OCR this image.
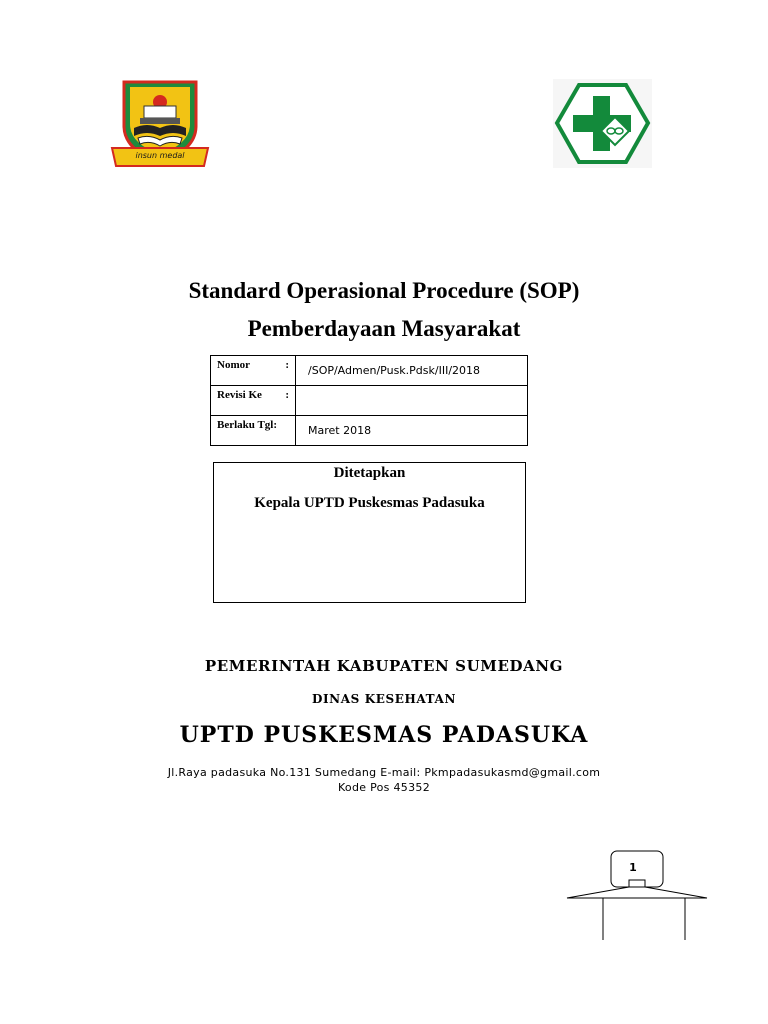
insun medal
Standard Operasional Procedure (SOP)
Pemberdayaan Masyarakat
Nomor :	/SOP/Admen/Pusk.Pdsk/III/2018

Revisi Ke :	

Berlaku Tgl:	Maret 2018
Ditetapkan
Kepala UPTD Puskesmas Padasuka
PEMERINTAH KABUPATEN SUMEDANG
DINAS KESEHATAN
UPTD PUSKESMAS PADASUKA
Jl.Raya padasuka No.131 Sumedang E-mail: Pkmpadasukasmd@gmail.com
Kode Pos 45352
1
